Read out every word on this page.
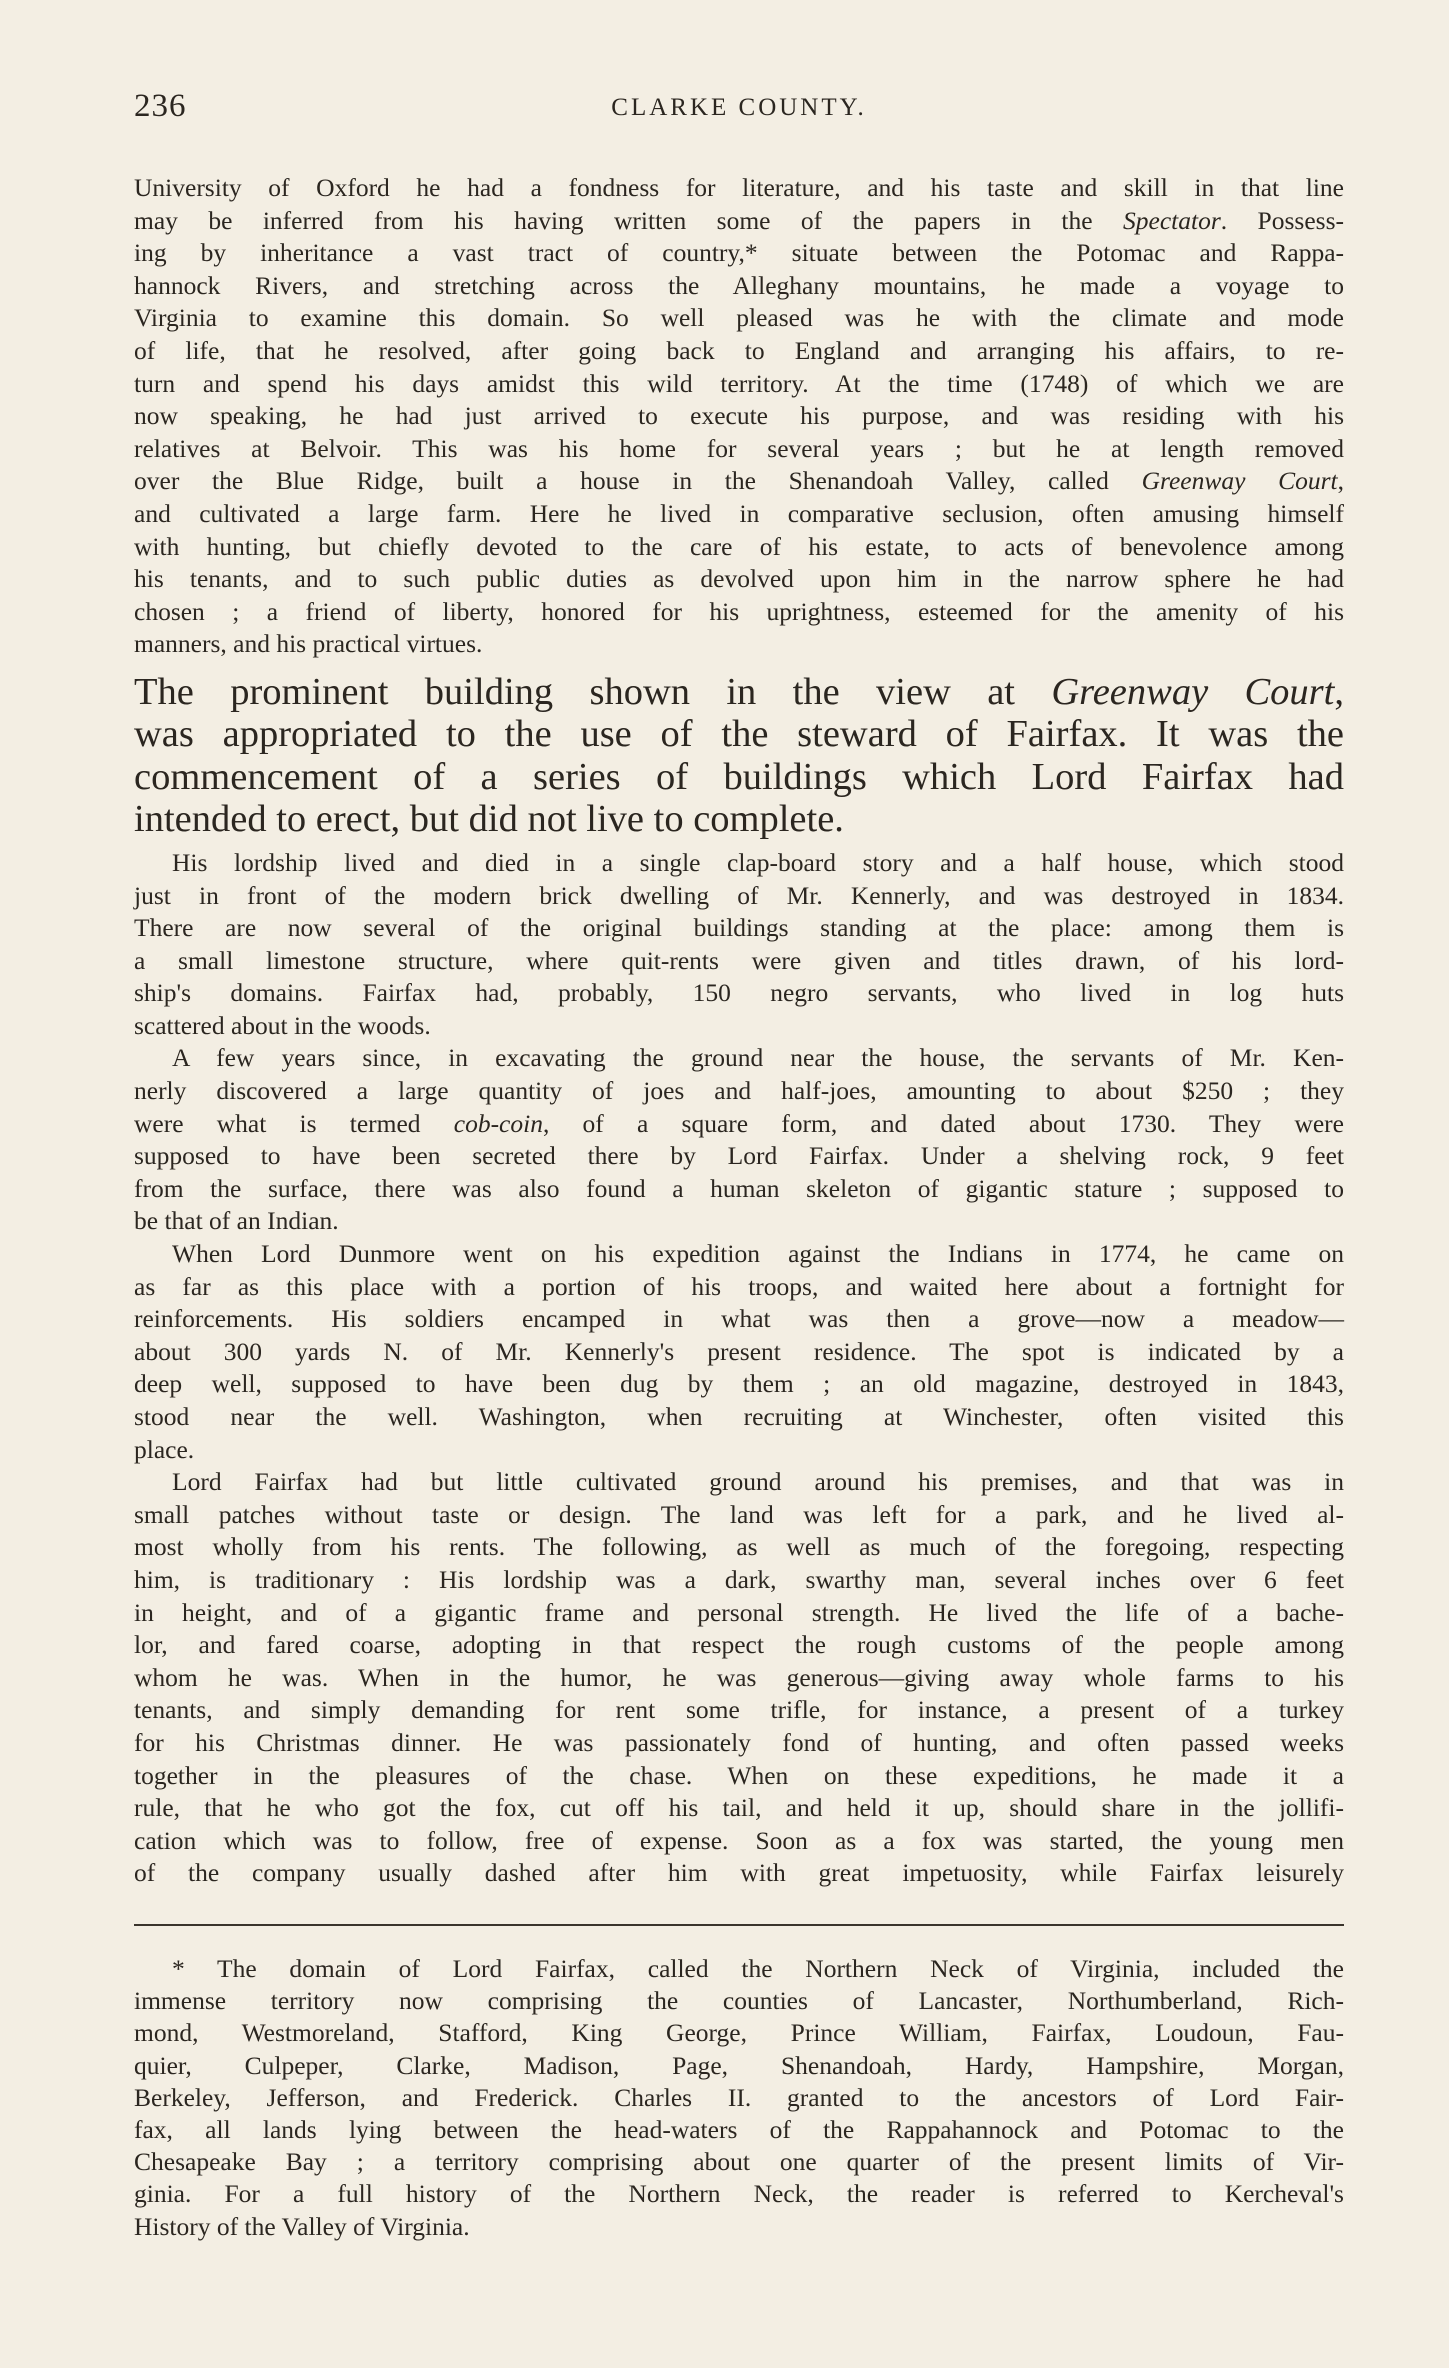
236	CLARKE COUNTY.
University of Oxford he had a fondness for literature, and his taste and skill in that line
may be inferred from his having written some of the papers in the Spectator. Possess-
ing by inheritance a vast tract of country,* situate between the Potomac and Rappa-
hannock Rivers, and stretching across the Alleghany mountains, he made a voyage to
Virginia to examine this domain. So well pleased was he with the climate and mode
of life, that he resolved, after going back to England and arranging his affairs, to re-
turn and spend his days amidst this wild territory. At the time (1748) of which we are
now speaking, he had just arrived to execute his purpose, and was residing with his
relatives at Belvoir. This was his home for several years ; but he at length removed
over the Blue Ridge, built a house in the Shenandoah Valley, called Greenway Court,
and cultivated a large farm. Here he lived in comparative seclusion, often amusing himself
with hunting, but chiefly devoted to the care of his estate, to acts of benevolence among
his tenants, and to such public duties as devolved upon him in the narrow sphere he had
chosen ; a friend of liberty, honored for his uprightness, esteemed for the amenity of his
manners, and his practical virtues.
The prominent building shown in the view at Greenway Court,
was appropriated to the use of the steward of Fairfax. It was the
commencement of a series of buildings which Lord Fairfax had
intended to erect, but did not live to complete.
His lordship lived and died in a single clap-board story and a half house, which stood
just in front of the modern brick dwelling of Mr. Kennerly, and was destroyed in 1834.
There are now several of the original buildings standing at the place: among them is
a small limestone structure, where quit-rents were given and titles drawn, of his lord-
ship's domains. Fairfax had, probably, 150 negro servants, who lived in log huts
scattered about in the woods.
A few years since, in excavating the ground near the house, the servants of Mr. Ken-
nerly discovered a large quantity of joes and half-joes, amounting to about $250 ; they
were what is termed cob-coin, of a square form, and dated about 1730. They were
supposed to have been secreted there by Lord Fairfax. Under a shelving rock, 9 feet
from the surface, there was also found a human skeleton of gigantic stature ; supposed to
be that of an Indian.
When Lord Dunmore went on his expedition against the Indians in 1774, he came on
as far as this place with a portion of his troops, and waited here about a fortnight for
reinforcements. His soldiers encamped in what was then a grove—now a meadow—
about 300 yards N. of Mr. Kennerly's present residence. The spot is indicated by a
deep well, supposed to have been dug by them ; an old magazine, destroyed in 1843,
stood near the well. Washington, when recruiting at Winchester, often visited this
place.
Lord Fairfax had but little cultivated ground around his premises, and that was in
small patches without taste or design. The land was left for a park, and he lived al-
most wholly from his rents. The following, as well as much of the foregoing, respecting
him, is traditionary : His lordship was a dark, swarthy man, several inches over 6 feet
in height, and of a gigantic frame and personal strength. He lived the life of a bache-
lor, and fared coarse, adopting in that respect the rough customs of the people among
whom he was. When in the humor, he was generous—giving away whole farms to his
tenants, and simply demanding for rent some trifle, for instance, a present of a turkey
for his Christmas dinner. He was passionately fond of hunting, and often passed weeks
together in the pleasures of the chase. When on these expeditions, he made it a
rule, that he who got the fox, cut off his tail, and held it up, should share in the jollifi-
cation which was to follow, free of expense. Soon as a fox was started, the young men
of the company usually dashed after him with great impetuosity, while Fairfax leisurely
* The domain of Lord Fairfax, called the Northern Neck of Virginia, included the
immense territory now comprising the counties of Lancaster, Northumberland, Rich-
mond, Westmoreland, Stafford, King George, Prince William, Fairfax, Loudoun, Fau-
quier, Culpeper, Clarke, Madison, Page, Shenandoah, Hardy, Hampshire, Morgan,
Berkeley, Jefferson, and Frederick. Charles II. granted to the ancestors of Lord Fair-
fax, all lands lying between the head-waters of the Rappahannock and Potomac to the
Chesapeake Bay ; a territory comprising about one quarter of the present limits of Vir-
ginia. For a full history of the Northern Neck, the reader is referred to Kercheval's
History of the Valley of Virginia.
